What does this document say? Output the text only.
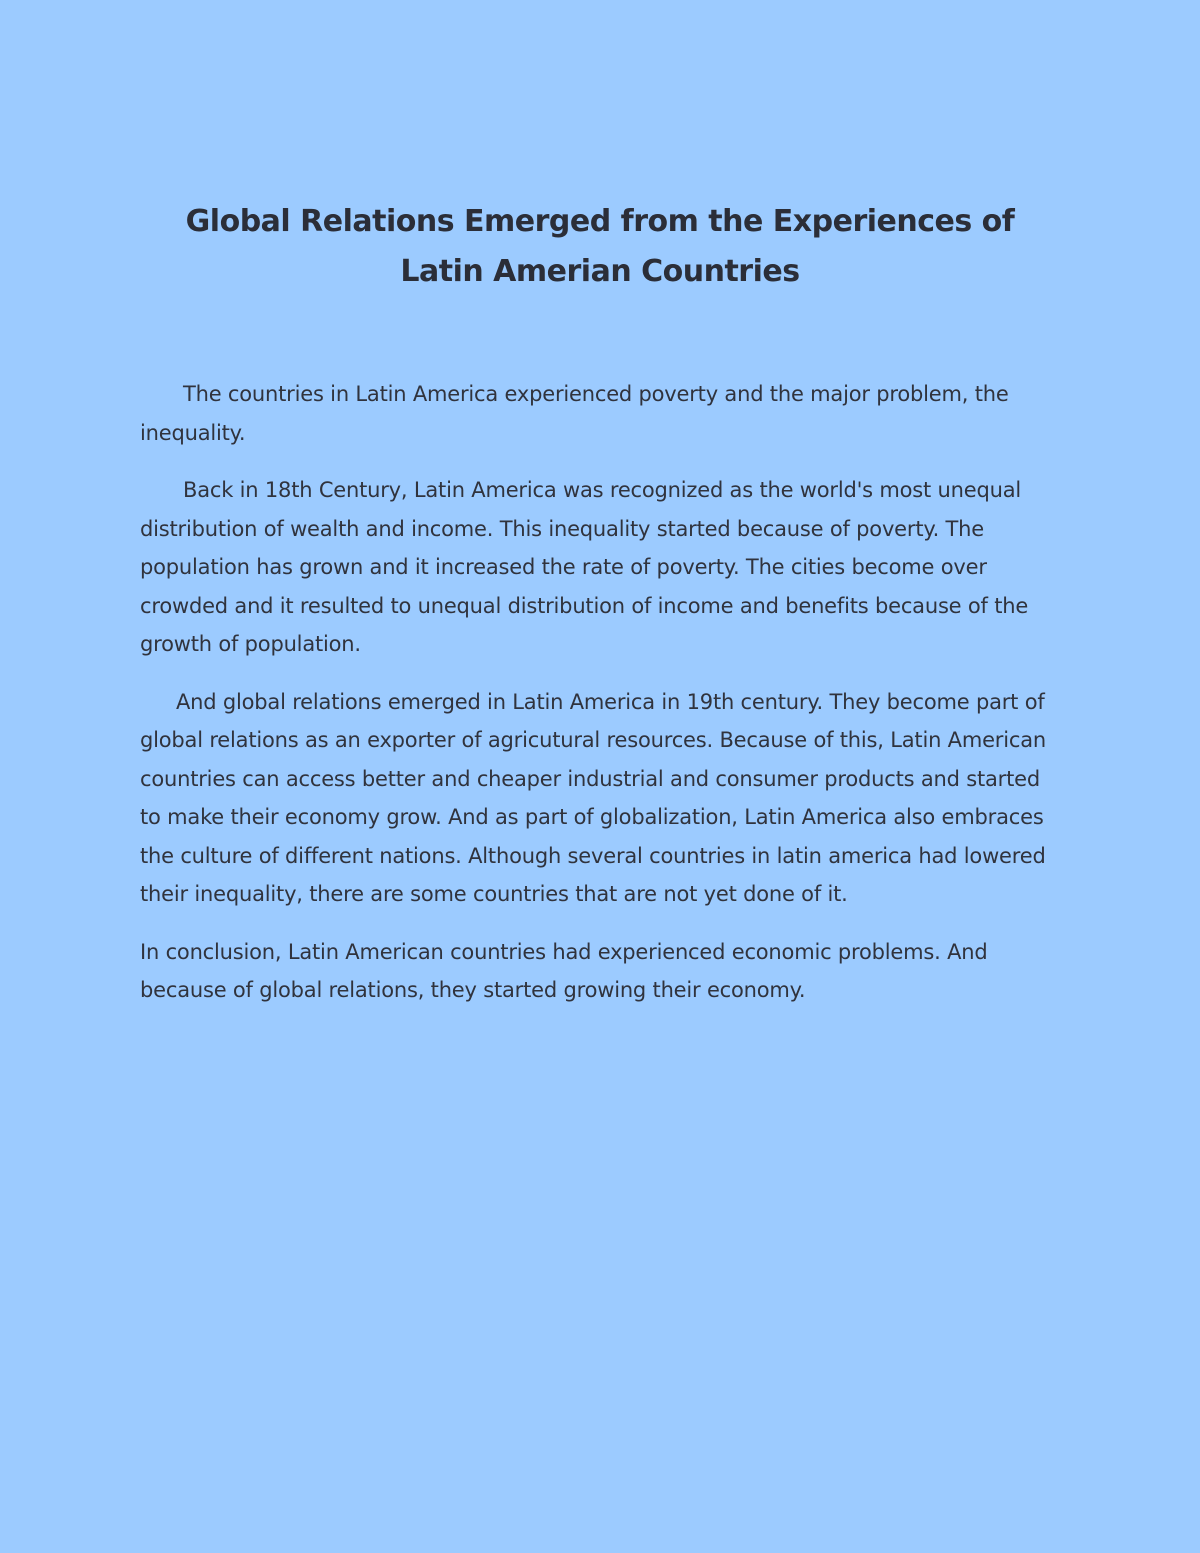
Global Relations Emerged from the Experiences of Latin Amerian Countries

The countries in Latin America experienced poverty and the major problem, the inequality.

Back in 18th Century, Latin America was recognized as the world's most unequal distribution of wealth and income. This inequality started because of poverty. The population has grown and it increased the rate of poverty. The cities become over crowded and it resulted to unequal distribution of income and benefits because of the growth of population.

And global relations emerged in Latin America in 19th century. They become part of global relations as an exporter of agricutural resources. Because of this, Latin American countries can access better and cheaper industrial and consumer products and started to make their economy grow. And as part of globalization, Latin America also embraces the culture of different nations. Although several countries in latin america had lowered their inequality, there are some countries that are not yet done of it.

In conclusion, Latin American countries had experienced economic problems. And because of global relations, they started growing their economy.
